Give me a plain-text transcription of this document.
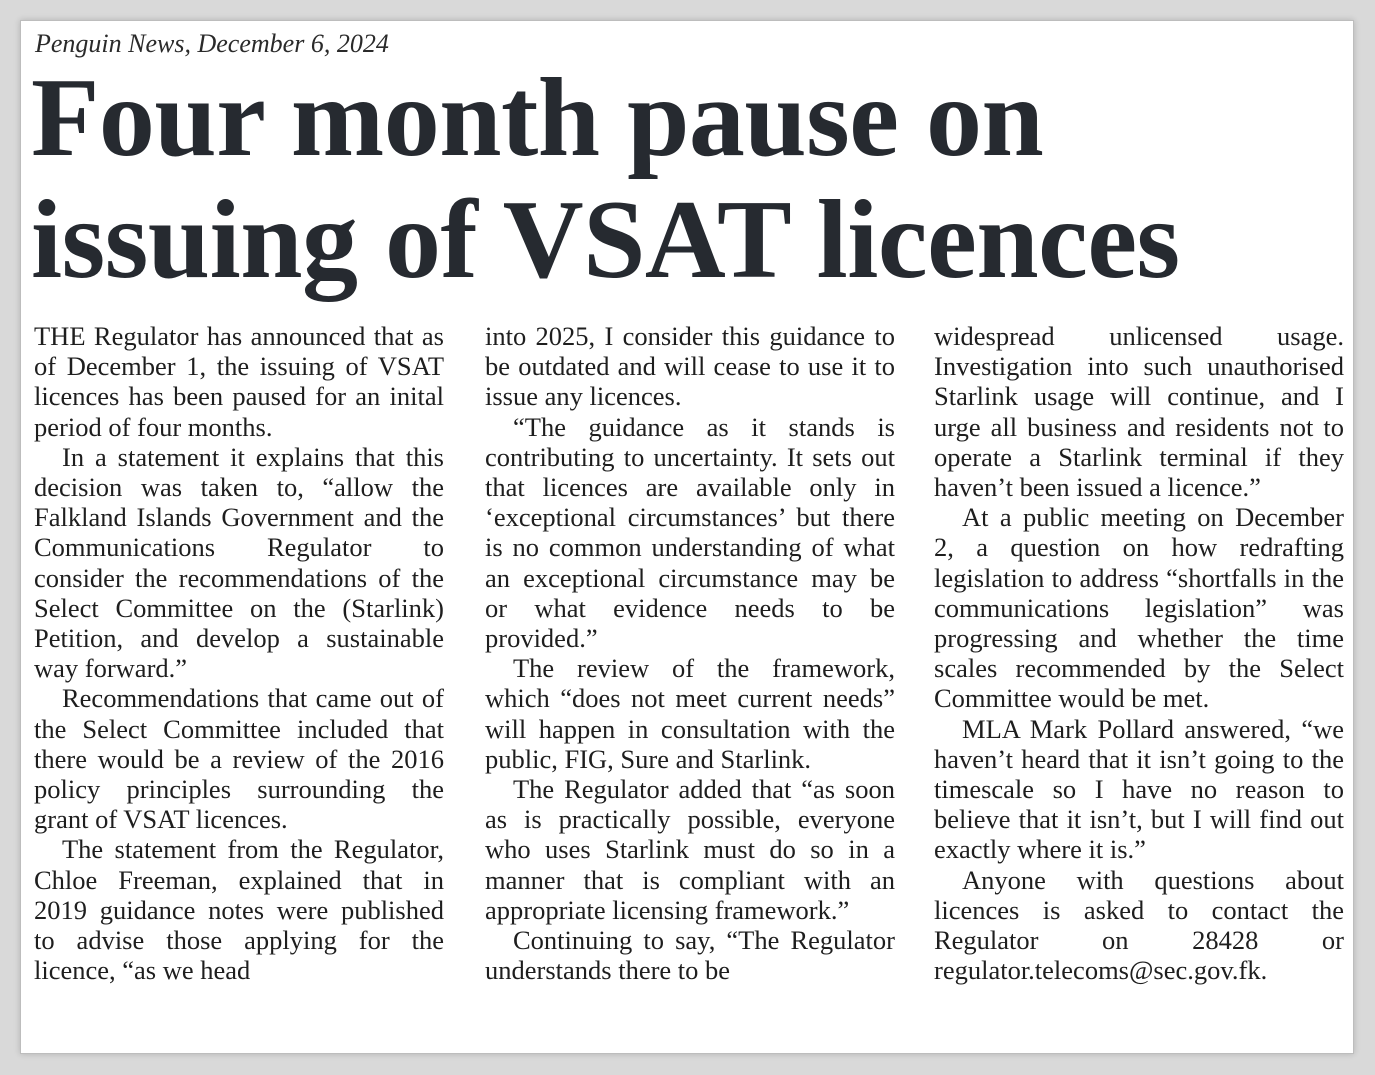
Penguin News, December 6, 2024
Four month pause on
issuing of VSAT licences

THE Regulator has announced that as of December 1, the issuing of VSAT licences has been paused for an inital period of four months.

In a statement it explains that this decision was taken to, “allow the Falkland Islands Government and the Communications Regulator to consider the recommendations of the Select Committee on the (Starlink) Petition, and develop a sustainable way forward.”

Recommendations that came out of the Select Committee included that there would be a review of the 2016 policy principles surrounding the grant of VSAT licences.

The statement from the Regulator, Chloe Freeman, explained that in 2019 guidance notes were published to advise those applying for the licence, “as we head

into 2025, I consider this guidance to be outdated and will cease to use it to issue any licences.

“The guidance as it stands is contributing to uncertainty. It sets out that licences are available only in ‘exceptional circumstances’ but there is no common understanding of what an exceptional circumstance may be or what evidence needs to be provided.”

The review of the framework, which “does not meet current needs” will happen in consultation with the public, FIG, Sure and Starlink.

The Regulator added that “as soon as is practically possible, everyone who uses Starlink must do so in a manner that is compliant with an appropriate licensing framework.”

Continuing to say, “The Regulator understands there to be

widespread unlicensed usage. Investigation into such unauthorised Starlink usage will continue, and I urge all business and residents not to operate a Starlink terminal if they haven’t been issued a licence.”

At a public meeting on December 2, a question on how redrafting legislation to address “shortfalls in the communications legislation” was progressing and whether the time scales recommended by the Select Committee would be met.

MLA Mark Pollard answered, “we haven’t heard that it isn’t going to the timescale so I have no reason to believe that it isn’t, but I will find out exactly where it is.”

Anyone with questions about licences is asked to contact the Regulator on 28428 or regulator.telecoms@sec.gov.fk.
